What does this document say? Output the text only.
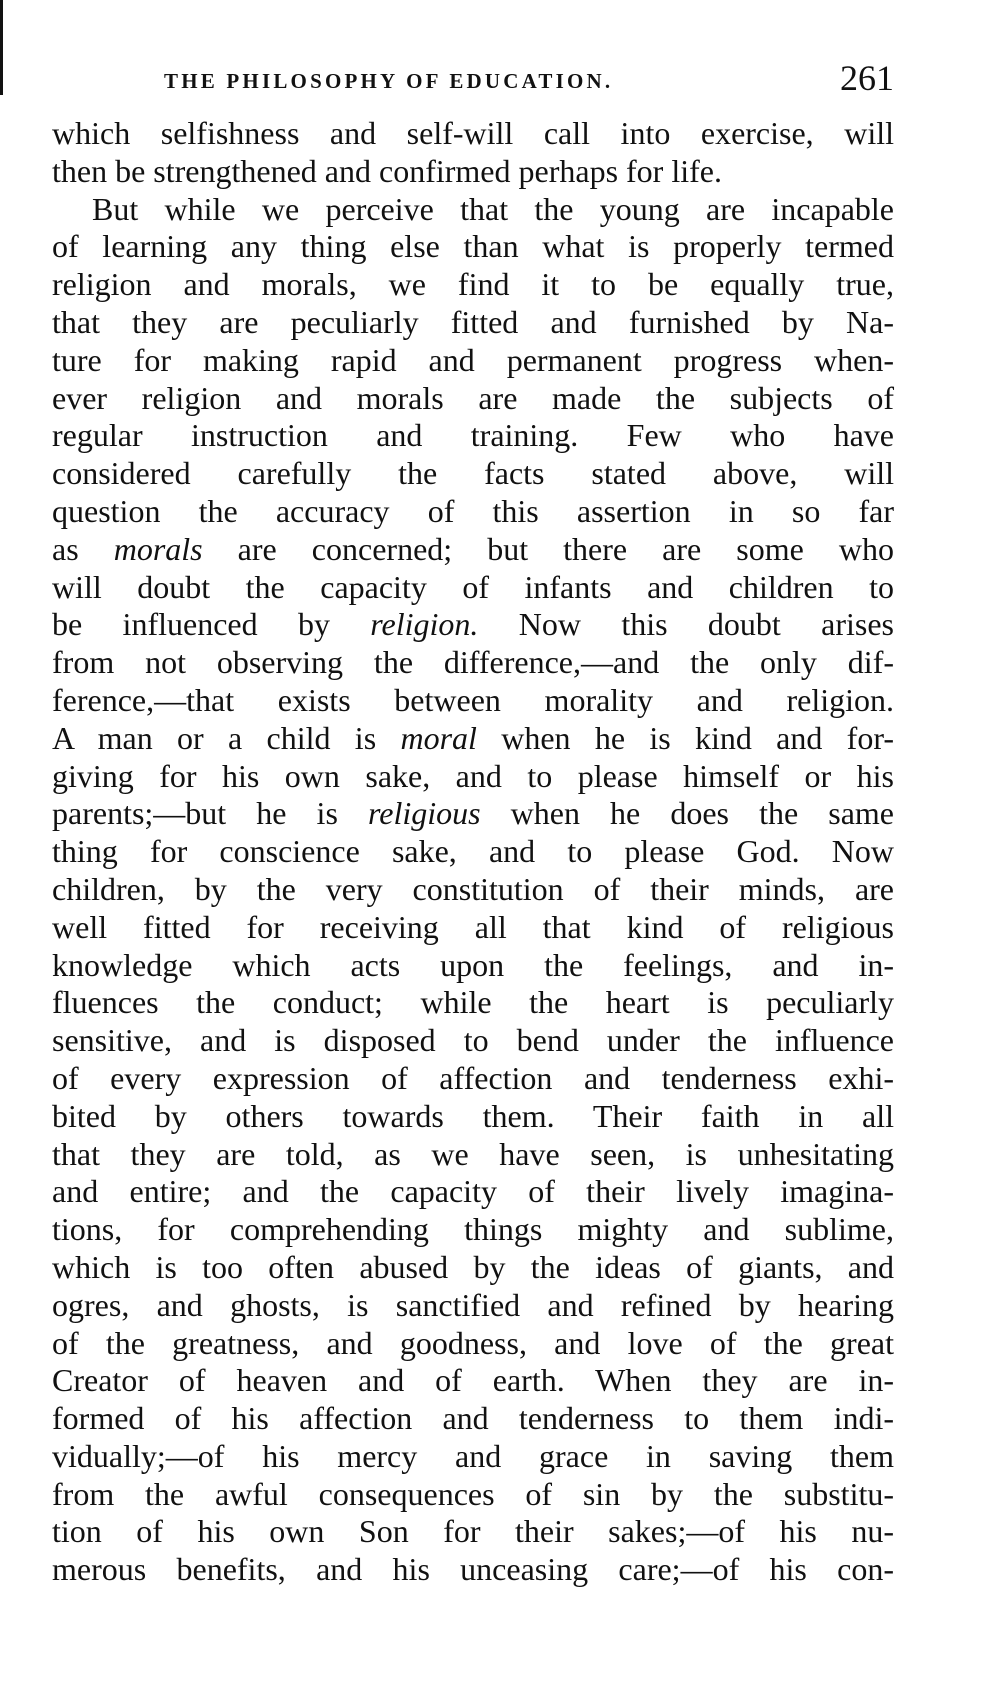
THE PHILOSOPHY OF EDUCATION.	261
which selfishness and self-will call into exercise, will
then be strengthened and confirmed perhaps for life.
But while we perceive that the young are incapable
of learning any thing else than what is properly termed
religion and morals, we find it to be equally true,
that they are peculiarly fitted and furnished by Na-
ture for making rapid and permanent progress when-
ever religion and morals are made the subjects of
regular instruction and training. Few who have
considered carefully the facts stated above, will
question the accuracy of this assertion in so far
as morals are concerned; but there are some who
will doubt the capacity of infants and children to
be influenced by religion. Now this doubt arises
from not observing the difference,—and the only dif-
ference,—that exists between morality and religion.
A man or a child is moral when he is kind and for-
giving for his own sake, and to please himself or his
parents;—but he is religious when he does the same
thing for conscience sake, and to please God. Now
children, by the very constitution of their minds, are
well fitted for receiving all that kind of religious
knowledge which acts upon the feelings, and in-
fluences the conduct; while the heart is peculiarly
sensitive, and is disposed to bend under the influence
of every expression of affection and tenderness exhi-
bited by others towards them. Their faith in all
that they are told, as we have seen, is unhesitating
and entire; and the capacity of their lively imagina-
tions, for comprehending things mighty and sublime,
which is too often abused by the ideas of giants, and
ogres, and ghosts, is sanctified and refined by hearing
of the greatness, and goodness, and love of the great
Creator of heaven and of earth. When they are in-
formed of his affection and tenderness to them indi-
vidually;—of his mercy and grace in saving them
from the awful consequences of sin by the substitu-
tion of his own Son for their sakes;—of his nu-
merous benefits, and his unceasing care;—of his con-
